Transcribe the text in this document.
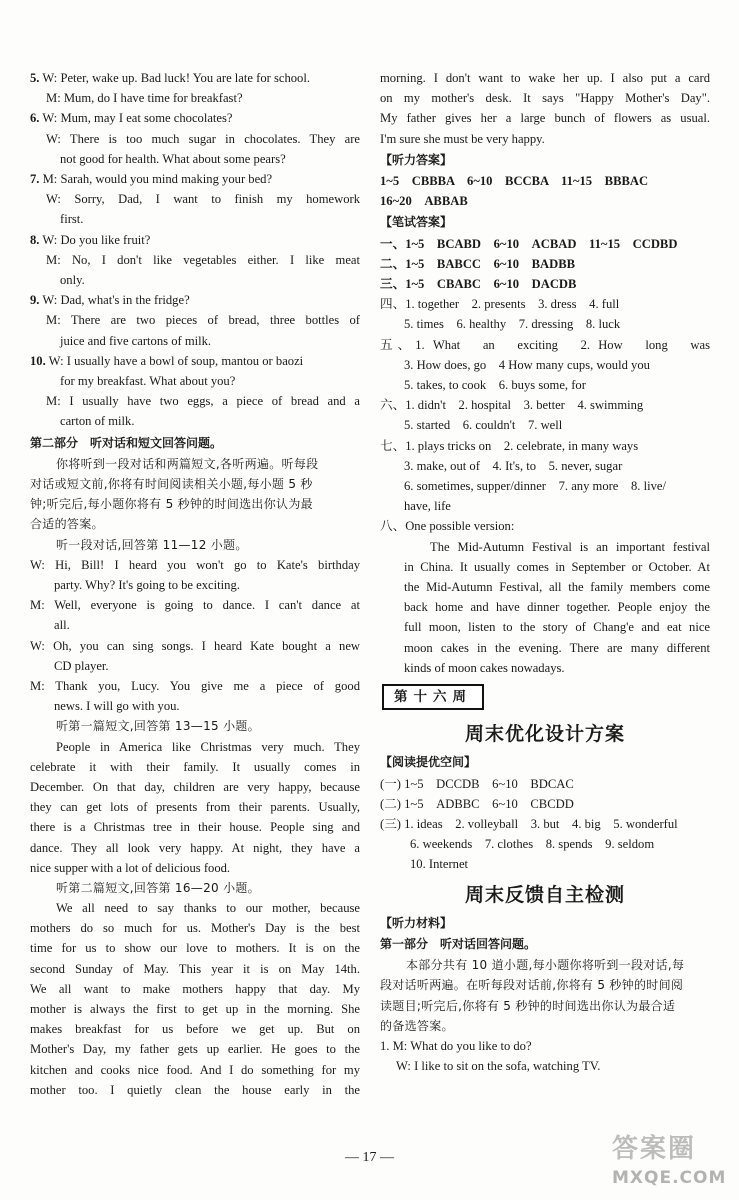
5. W: Peter, wake up. Bad luck! You are late for school.
M: Mum, do I have time for breakfast?
6. W: Mum, may I eat some chocolates?
W: There is too much sugar in chocolates. They are
not good for health. What about some pears?
7. M: Sarah, would you mind making your bed?
W: Sorry, Dad, I want to finish my homework
first.
8. W: Do you like fruit?
M: No, I don't like vegetables either. I like meat
only.
9. W: Dad, what's in the fridge?
M: There are two pieces of bread, three bottles of
juice and five cartons of milk.
10. W: I usually have a bowl of soup, mantou or baozi
for my breakfast. What about you?
M: I usually have two eggs, a piece of bread and a
carton of milk.
第二部分　听对话和短文回答问题。
你将听到一段对话和两篇短文,各听两遍。听每段
对话或短文前,你将有时间阅读相关小题,每小题 5 秒
钟;听完后,每小题你将有 5 秒钟的时间选出你认为最
合适的答案。
听一段对话,回答第 11—12 小题。
W: Hi, Bill! I heard you won't go to Kate's birthday
party. Why? It's going to be exciting.
M: Well, everyone is going to dance. I can't dance at
all.
W: Oh, you can sing songs. I heard Kate bought a new
CD player.
M: Thank you, Lucy. You give me a piece of good
news. I will go with you.
听第一篇短文,回答第 13—15 小题。
People in America like Christmas very much. They
celebrate it with their family. It usually comes in
December. On that day, children are very happy, because
they can get lots of presents from their parents. Usually,
there is a Christmas tree in their house. People sing and
dance. They all look very happy. At night, they have a
nice supper with a lot of delicious food.
听第二篇短文,回答第 16—20 小题。
We all need to say thanks to our mother, because
mothers do so much for us. Mother's Day is the best
time for us to show our love to mothers. It is on the
second Sunday of May. This year it is on May 14th.
We all want to make mothers happy that day. My
mother is always the first to get up in the morning. She
makes breakfast for us before we get up. But on
Mother's Day, my father gets up earlier. He goes to the
kitchen and cooks nice food. And I do something for my
mother too. I quietly clean the house early in the
morning. I don't want to wake her up. I also put a card
on my mother's desk. It says "Happy Mother's Day".
My father gives her a large bunch of flowers as usual.
I'm sure she must be very happy.
【听力答案】
1~5　CBBBA　6~10　BCCBA　11~15　BBBAC
16~20　ABBAB
【笔试答案】
一、1~5　BCABD　6~10　ACBAD　11~15　CCDBD
二、1~5　BABCC　6~10　BADBB
三、1~5　CBABC　6~10　DACDB
四、1. together　2. presents　3. dress　4. full
5. times　6. healthy　7. dressing　8. luck
五、1. What　an　exciting　2. How　long　was
3. How does, go　4 How many cups, would you
5. takes, to cook　6. buys some, for
六、1. didn't　2. hospital　3. better　4. swimming
5. started　6. couldn't　7. well
七、1. plays tricks on　2. celebrate, in many ways
3. make, out of　4. It's, to　5. never, sugar
6. sometimes, supper/dinner　7. any more　8. live/
have, life
八、One possible version:
The Mid-Autumn Festival is an important festival
in China. It usually comes in September or October. At
the Mid-Autumn Festival, all the family members come
back home and have dinner together. People enjoy the
full moon, listen to the story of Chang'e and eat nice
moon cakes in the evening. There are many different
kinds of moon cakes nowadays.
第十六周
周末优化设计方案
【阅读提优空间】
(一) 1~5　DCCDB　6~10　BDCAC
(二) 1~5　ADBBC　6~10　CBCDD
(三) 1. ideas　2. volleyball　3. but　4. big　5. wonderful
6. weekends　7. clothes　8. spends　9. seldom
10. Internet
周末反馈自主检测
【听力材料】
第一部分　听对话回答问题。
本部分共有 10 道小题,每小题你将听到一段对话,每
段对话听两遍。在听每段对话前,你将有 5 秒钟的时间阅
读题目;听完后,你将有 5 秒钟的时间选出你认为最合适
的备选答案。
1. M: What do you like to do?
W: I like to sit on the sofa, watching TV.
— 17 —	答案圈
MXQE.COM
